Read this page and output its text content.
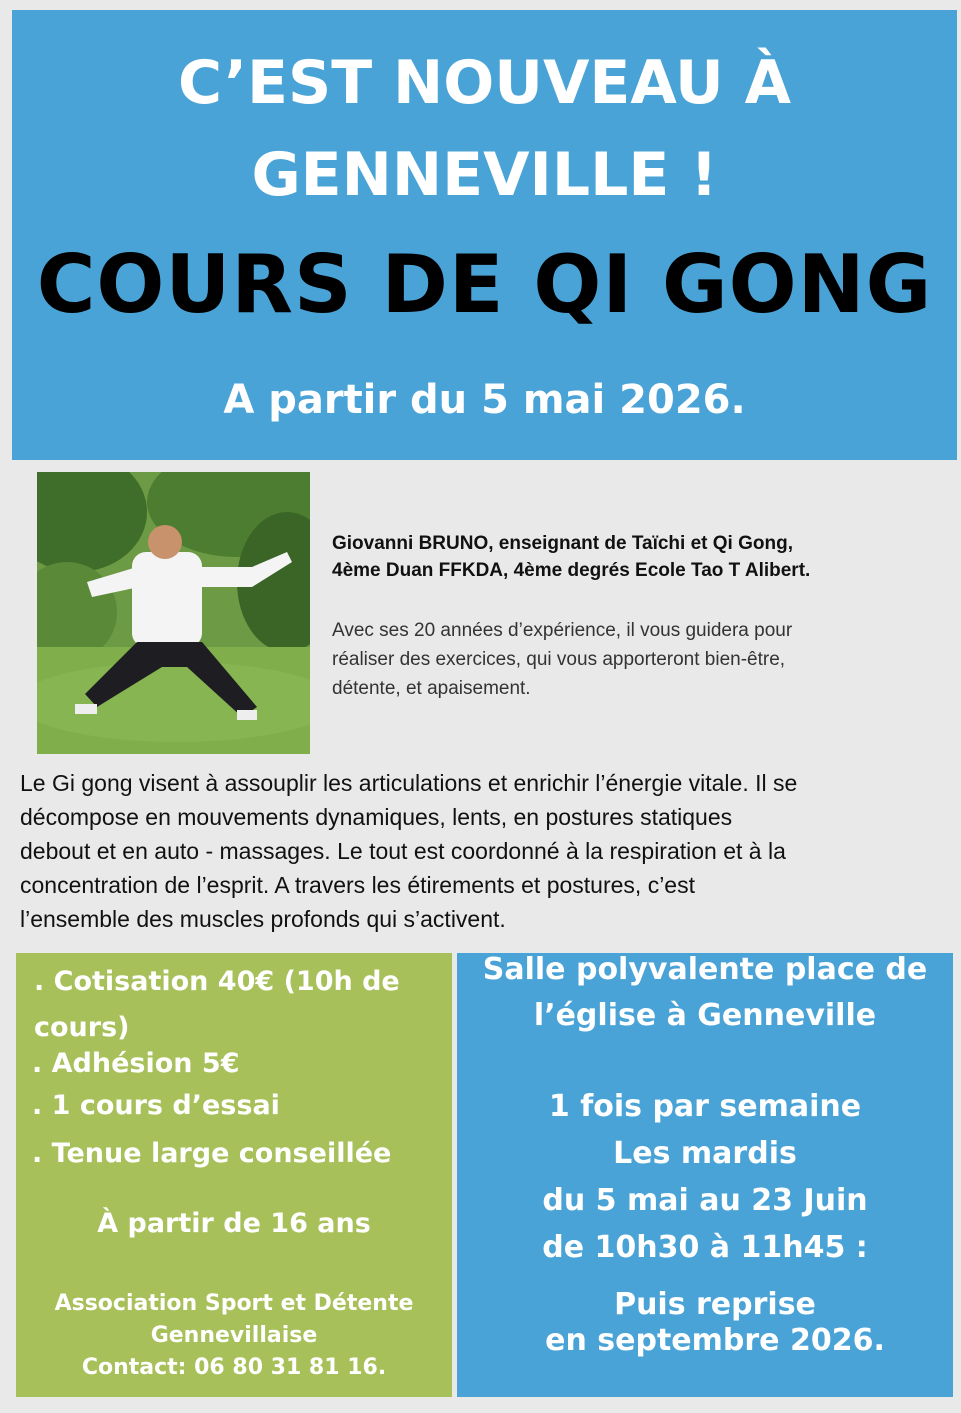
C’EST NOUVEAU À
GENNEVILLE !
COURS DE QI GONG
A partir du 5 mai 2026.
Giovanni BRUNO, enseignant de Taïchi et Qi Gong,
4ème Duan FFKDA, 4ème degrés Ecole Tao T Alibert.
Avec ses 20 années d’expérience, il vous guidera pour
réaliser des exercices, qui vous apporteront bien-être,
détente, et apaisement.
Le Gi gong visent à assouplir les articulations et enrichir l’énergie vitale. Il se
décompose en mouvements dynamiques, lents, en postures statiques
debout et en auto - massages. Le tout est coordonné à la respiration et à la
concentration de l’esprit. A travers les étirements et postures, c’est
l’ensemble des muscles profonds qui s’activent.
. Cotisation 40€ (10h de cours)
. Adhésion 5€
. 1 cours d’essai
. Tenue large conseillée
À partir de 16 ans
Association Sport et Détente
Gennevillaise
Contact: 06 80 31 81 16.
Salle polyvalente place de
l’église à Genneville
1 fois par semaine
Les mardis
du 5 mai au 23 Juin
de 10h30 à 11h45 :
Puis reprise
en septembre 2026.
